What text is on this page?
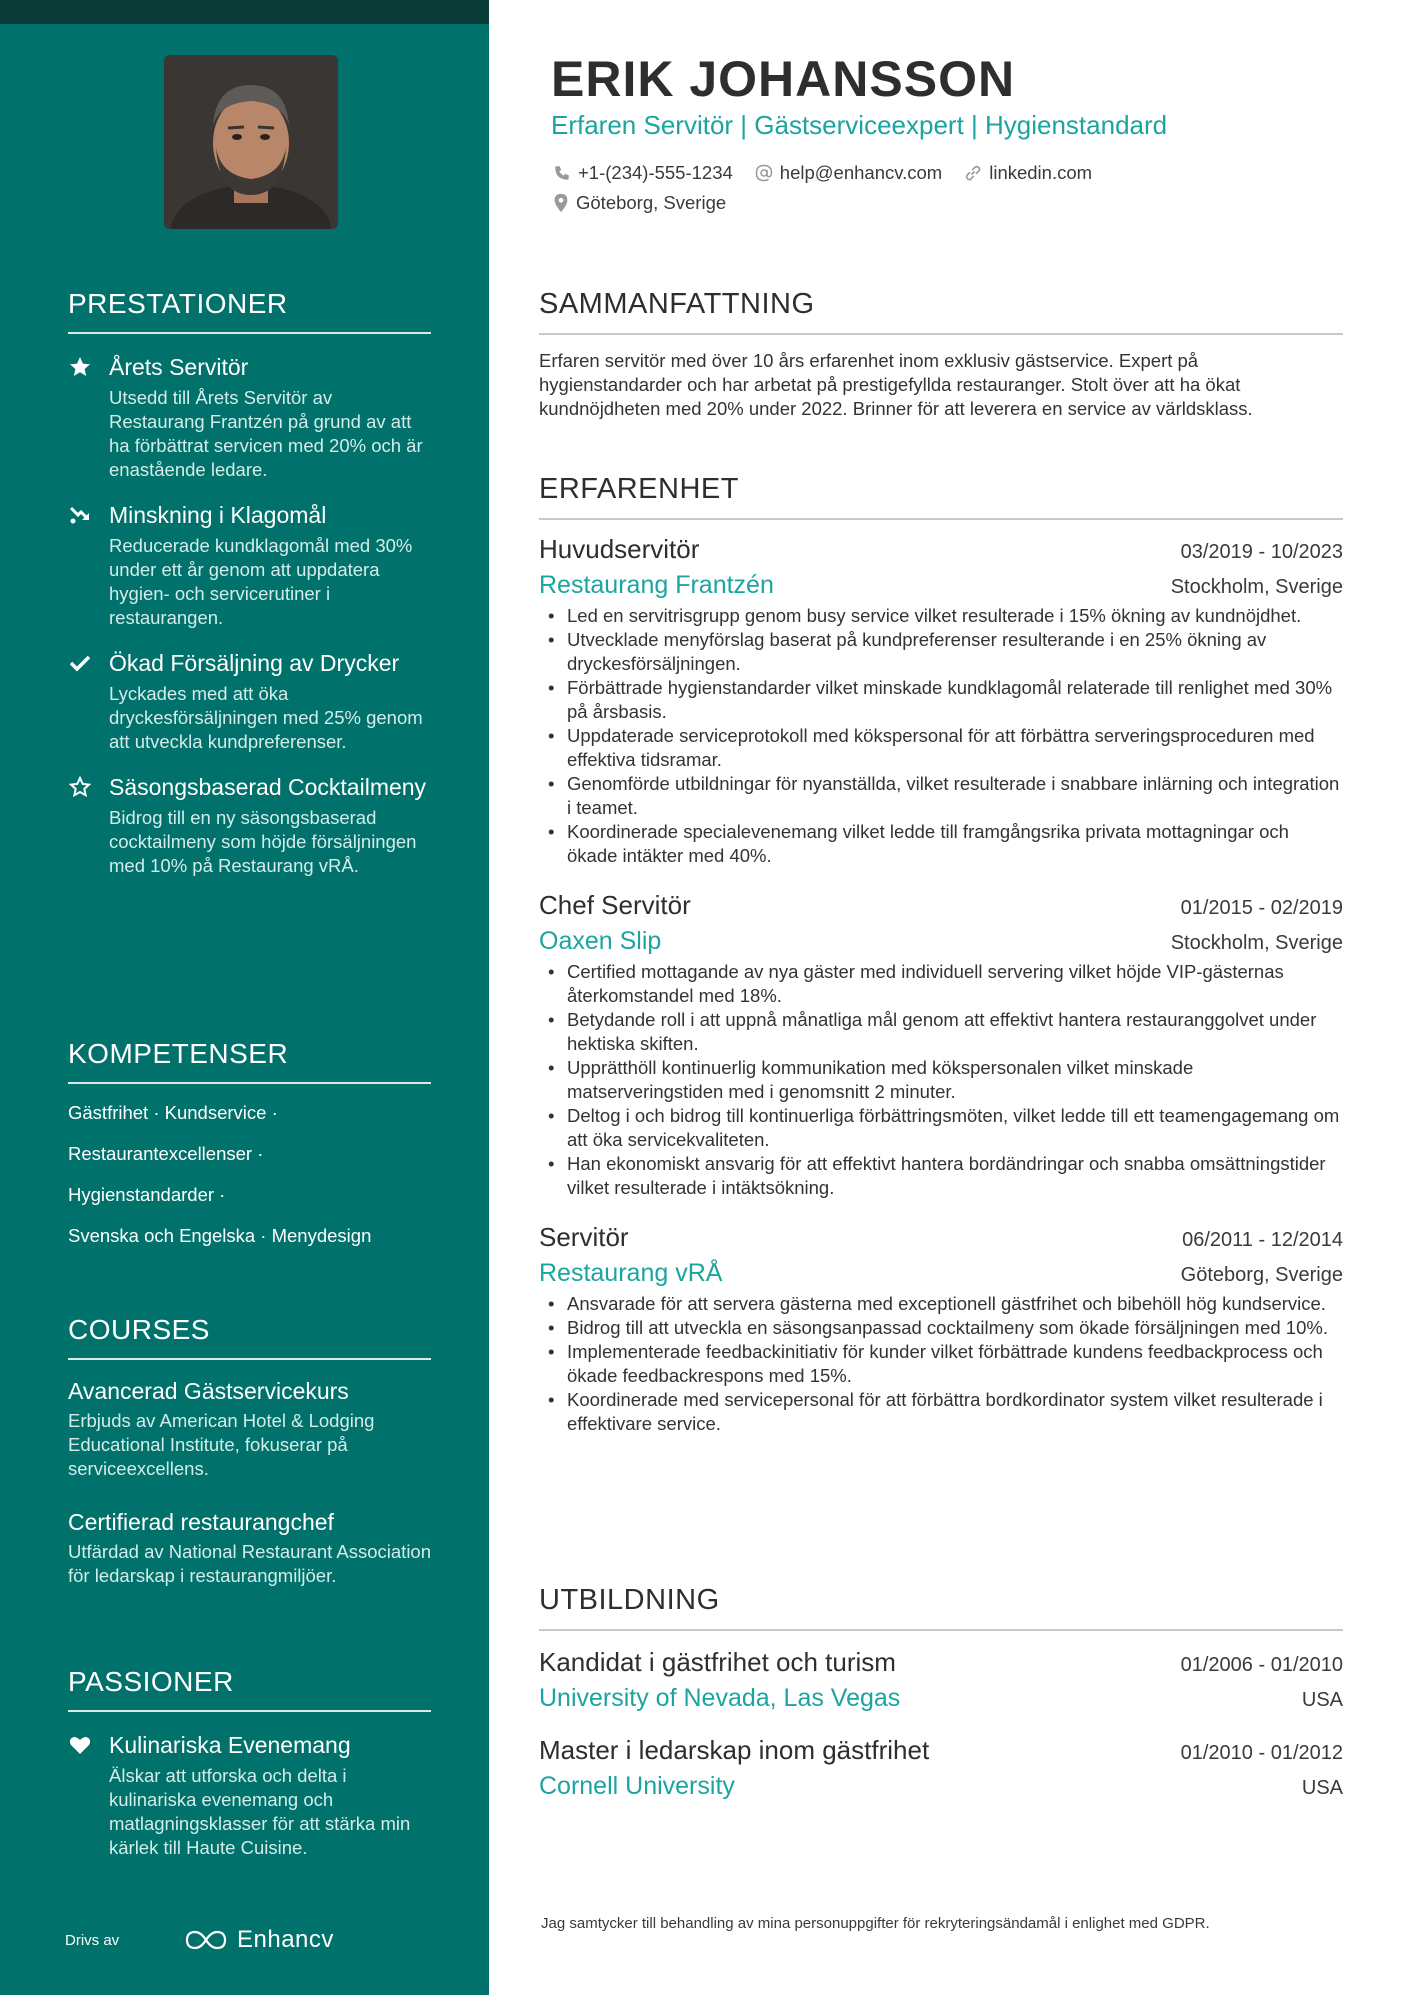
PRESTATIONER
Årets Servitör
Utsedd till Årets Servitör av Restaurang Frantzén på grund av att ha förbättrat servicen med 20% och är enastående ledare.
Minskning i Klagomål
Reducerade kundklagomål med 30% under ett år genom att uppdatera hygien- och servicerutiner i restaurangen.
Ökad Försäljning av Drycker
Lyckades med att öka dryckesförsäljningen med 25% genom att utveckla kundpreferenser.
Säsongsbaserad Cocktailmeny
Bidrog till en ny säsongsbaserad cocktailmeny som höjde försäljningen med 10% på Restaurang vRÅ.
KOMPETENSER
Gästfrihet · Kundservice ·
Restaurantexcellenser ·
Hygienstandarder ·
Svenska och Engelska · Menydesign
COURSES
Avancerad Gästservicekurs
Erbjuds av American Hotel & Lodging Educational Institute, fokuserar på serviceexcellens.
Certifierad restaurangchef
Utfärdad av National Restaurant Association för ledarskap i restaurangmiljöer.
PASSIONER
Kulinariska Evenemang
Älskar att utforska och delta i kulinariska evenemang och matlagningsklasser för att stärka min kärlek till Haute Cuisine.
Drivs av	Enhancv
ERIK JOHANSSON
Erfaren Servitör | Gästserviceexpert | Hygienstandard
+1-(234)-555-1234	help@enhancv.com	linkedin.com
Göteborg, Sverige
SAMMANFATTNING
Erfaren servitör med över 10 års erfarenhet inom exklusiv gästservice. Expert på hygienstandarder och har arbetat på prestigefyllda restauranger. Stolt över att ha ökat kundnöjdheten med 20% under 2022. Brinner för att leverera en service av världsklass.
ERFARENHET
Huvudservitör	03/2019 - 10/2023
Restaurang Frantzén	Stockholm, Sverige
• Led en servitrisgrupp genom busy service vilket resulterade i 15% ökning av kundnöjdhet.
• Utvecklade menyförslag baserat på kundpreferenser resulterande i en 25% ökning av dryckesförsäljningen.
• Förbättrade hygienstandarder vilket minskade kundklagomål relaterade till renlighet med 30% på årsbasis.
• Uppdaterade serviceprotokoll med kökspersonal för att förbättra serveringsproceduren med effektiva tidsramar.
• Genomförde utbildningar för nyanställda, vilket resulterade i snabbare inlärning och integration i teamet.
• Koordinerade specialevenemang vilket ledde till framgångsrika privata mottagningar och ökade intäkter med 40%.
Chef Servitör	01/2015 - 02/2019
Oaxen Slip	Stockholm, Sverige
• Certified mottagande av nya gäster med individuell servering vilket höjde VIP-gästernas återkomstandel med 18%.
• Betydande roll i att uppnå månatliga mål genom att effektivt hantera restauranggolvet under hektiska skiften.
• Upprätthöll kontinuerlig kommunikation med kökspersonalen vilket minskade matserveringstiden med i genomsnitt 2 minuter.
• Deltog i och bidrog till kontinuerliga förbättringsmöten, vilket ledde till ett teamengagemang om att öka servicekvaliteten.
• Han ekonomiskt ansvarig för att effektivt hantera bordändringar och snabba omsättningstider vilket resulterade i intäktsökning.
Servitör	06/2011 - 12/2014
Restaurang vRÅ	Göteborg, Sverige
• Ansvarade för att servera gästerna med exceptionell gästfrihet och bibehöll hög kundservice.
• Bidrog till att utveckla en säsongsanpassad cocktailmeny som ökade försäljningen med 10%.
• Implementerade feedbackinitiativ för kunder vilket förbättrade kundens feedbackprocess och ökade feedbackrespons med 15%.
• Koordinerade med servicepersonal för att förbättra bordkordinator system vilket resulterade i effektivare service.
UTBILDNING
Kandidat i gästfrihet och turism	01/2006 - 01/2010
University of Nevada, Las Vegas	USA
Master i ledarskap inom gästfrihet	01/2010 - 01/2012
Cornell University	USA
Jag samtycker till behandling av mina personuppgifter för rekryteringsändamål i enlighet med GDPR.
